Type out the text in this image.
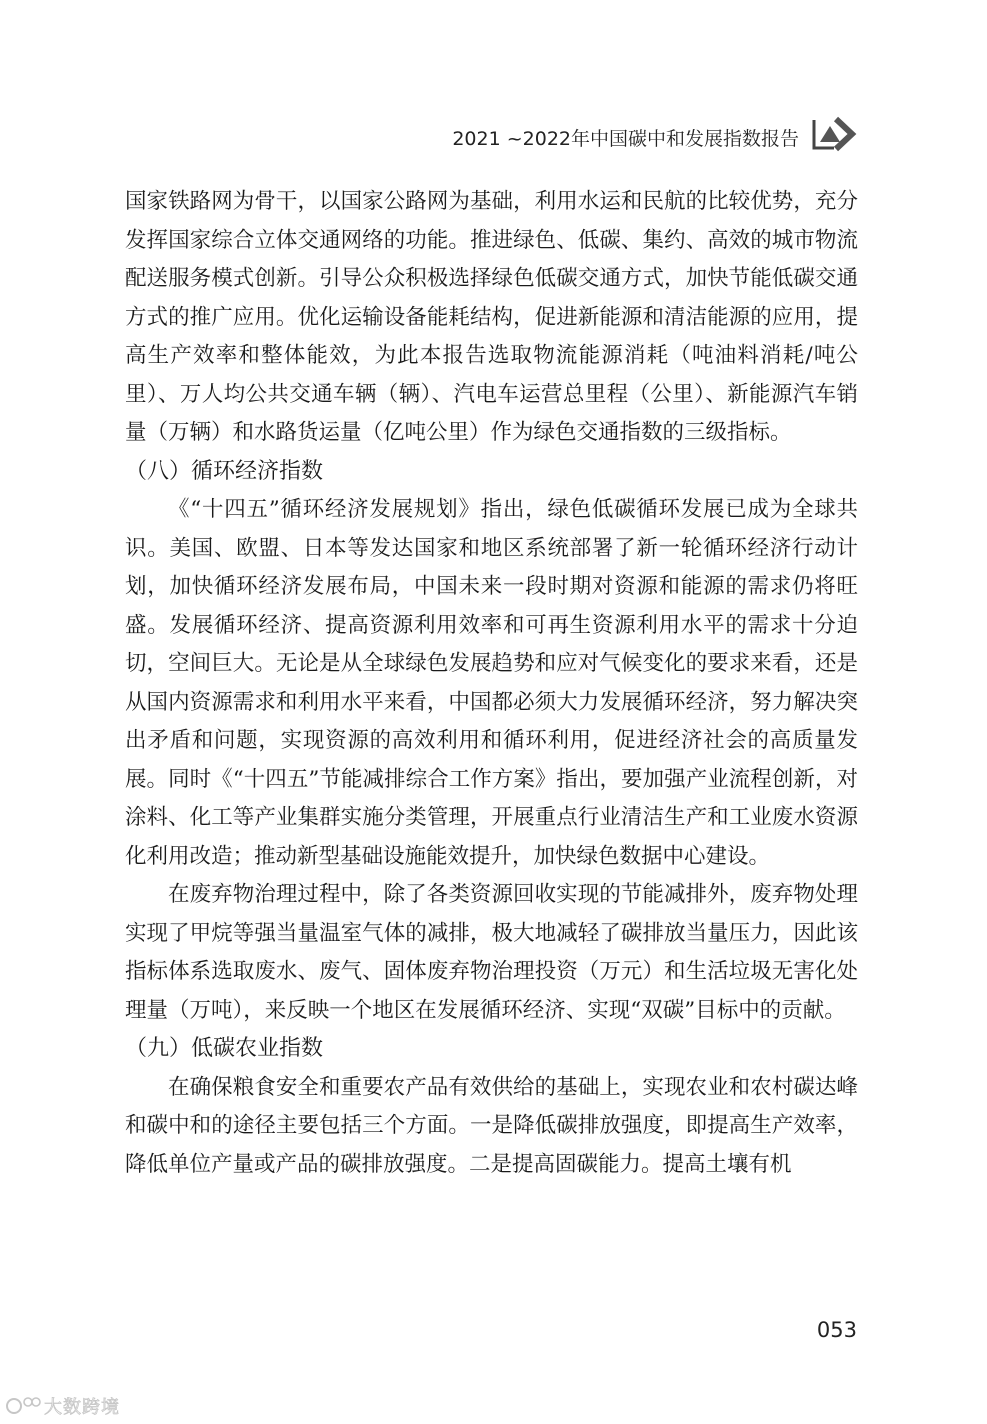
2021 ~2022年中国碳中和发展指数报告

国家铁路网为骨干，以国家公路网为基础，利用水运和民航的比较优势，充分发挥国家综合立体交通网络的功能。推进绿色、低碳、集约、高效的城市物流配送服务模式创新。引导公众积极选择绿色低碳交通方式，加快节能低碳交通方式的推广应用。优化运输设备能耗结构，促进新能源和清洁能源的应用，提高生产效率和整体能效，为此本报告选取物流能源消耗（吨油料消耗/吨公里）、万人均公共交通车辆（辆）、汽电车运营总里程（公里）、新能源汽车销量（万辆）和水路货运量（亿吨公里）作为绿色交通指数的三级指标。

（八）循环经济指数

《“十四五”循环经济发展规划》指出，绿色低碳循环发展已成为全球共识。美国、欧盟、日本等发达国家和地区系统部署了新一轮循环经济行动计划，加快循环经济发展布局，中国未来一段时期对资源和能源的需求仍将旺盛。发展循环经济、提高资源利用效率和可再生资源利用水平的需求十分迫切，空间巨大。无论是从全球绿色发展趋势和应对气候变化的要求来看，还是从国内资源需求和利用水平来看，中国都必须大力发展循环经济，努力解决突出矛盾和问题，实现资源的高效利用和循环利用，促进经济社会的高质量发展。同时《“十四五”节能减排综合工作方案》指出，要加强产业流程创新，对涂料、化工等产业集群实施分类管理，开展重点行业清洁生产和工业废水资源化利用改造；推动新型基础设施能效提升，加快绿色数据中心建设。

在废弃物治理过程中，除了各类资源回收实现的节能减排外，废弃物处理实现了甲烷等强当量温室气体的减排，极大地减轻了碳排放当量压力，因此该指标体系选取废水、废气、固体废弃物治理投资（万元）和生活垃圾无害化处理量（万吨），来反映一个地区在发展循环经济、实现“双碳”目标中的贡献。

（九）低碳农业指数

在确保粮食安全和重要农产品有效供给的基础上，实现农业和农村碳达峰和碳中和的途径主要包括三个方面。一是降低碳排放强度，即提高生产效率，降低单位产量或产品的碳排放强度。二是提高固碳能力。提高土壤有机

053
大数跨境
